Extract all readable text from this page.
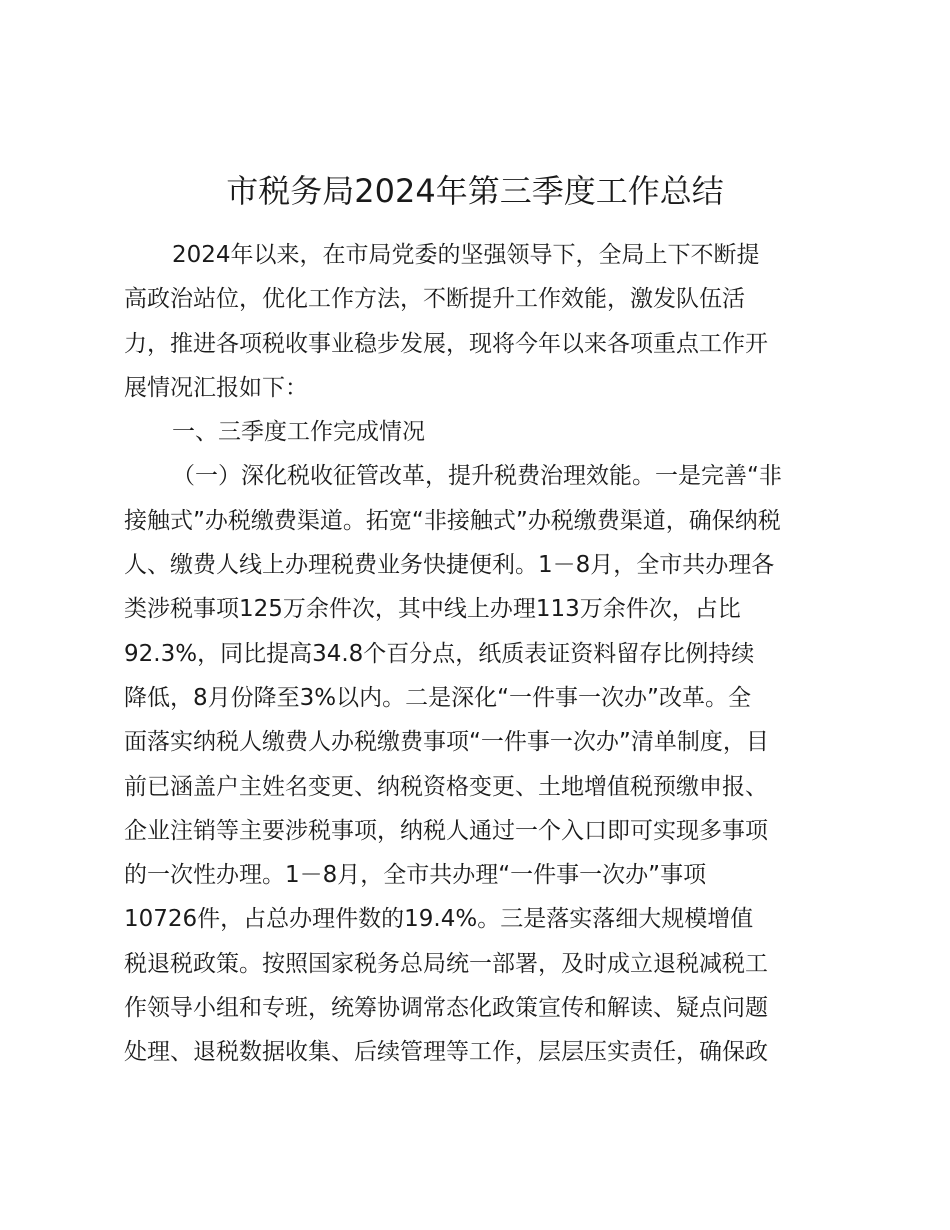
市税务局2024年第三季度工作总结
2024年以来，在市局党委的坚强领导下，全局上下不断提
高政治站位，优化工作方法，不断提升工作效能，激发队伍活
力，推进各项税收事业稳步发展，现将今年以来各项重点工作开
展情况汇报如下：
一、三季度工作完成情况
（一）深化税收征管改革，提升税费治理效能。一是完善“非
接触式”办税缴费渠道。拓宽“非接触式”办税缴费渠道，确保纳税
人、缴费人线上办理税费业务快捷便利。1－8月，全市共办理各
类涉税事项125万余件次，其中线上办理113万余件次，占比
92.3%，同比提高34.8个百分点，纸质表证资料留存比例持续
降低，8月份降至3%以内。二是深化“一件事一次办”改革。全
面落实纳税人缴费人办税缴费事项“一件事一次办”清单制度，目
前已涵盖户主姓名变更、纳税资格变更、土地增值税预缴申报、
企业注销等主要涉税事项，纳税人通过一个入口即可实现多事项
的一次性办理。1－8月，全市共办理“一件事一次办”事项
10726件，占总办理件数的19.4%。三是落实落细大规模增值
税退税政策。按照国家税务总局统一部署，及时成立退税减税工
作领导小组和专班，统筹协调常态化政策宣传和解读、疑点问题
处理、退税数据收集、后续管理等工作，层层压实责任，确保政
